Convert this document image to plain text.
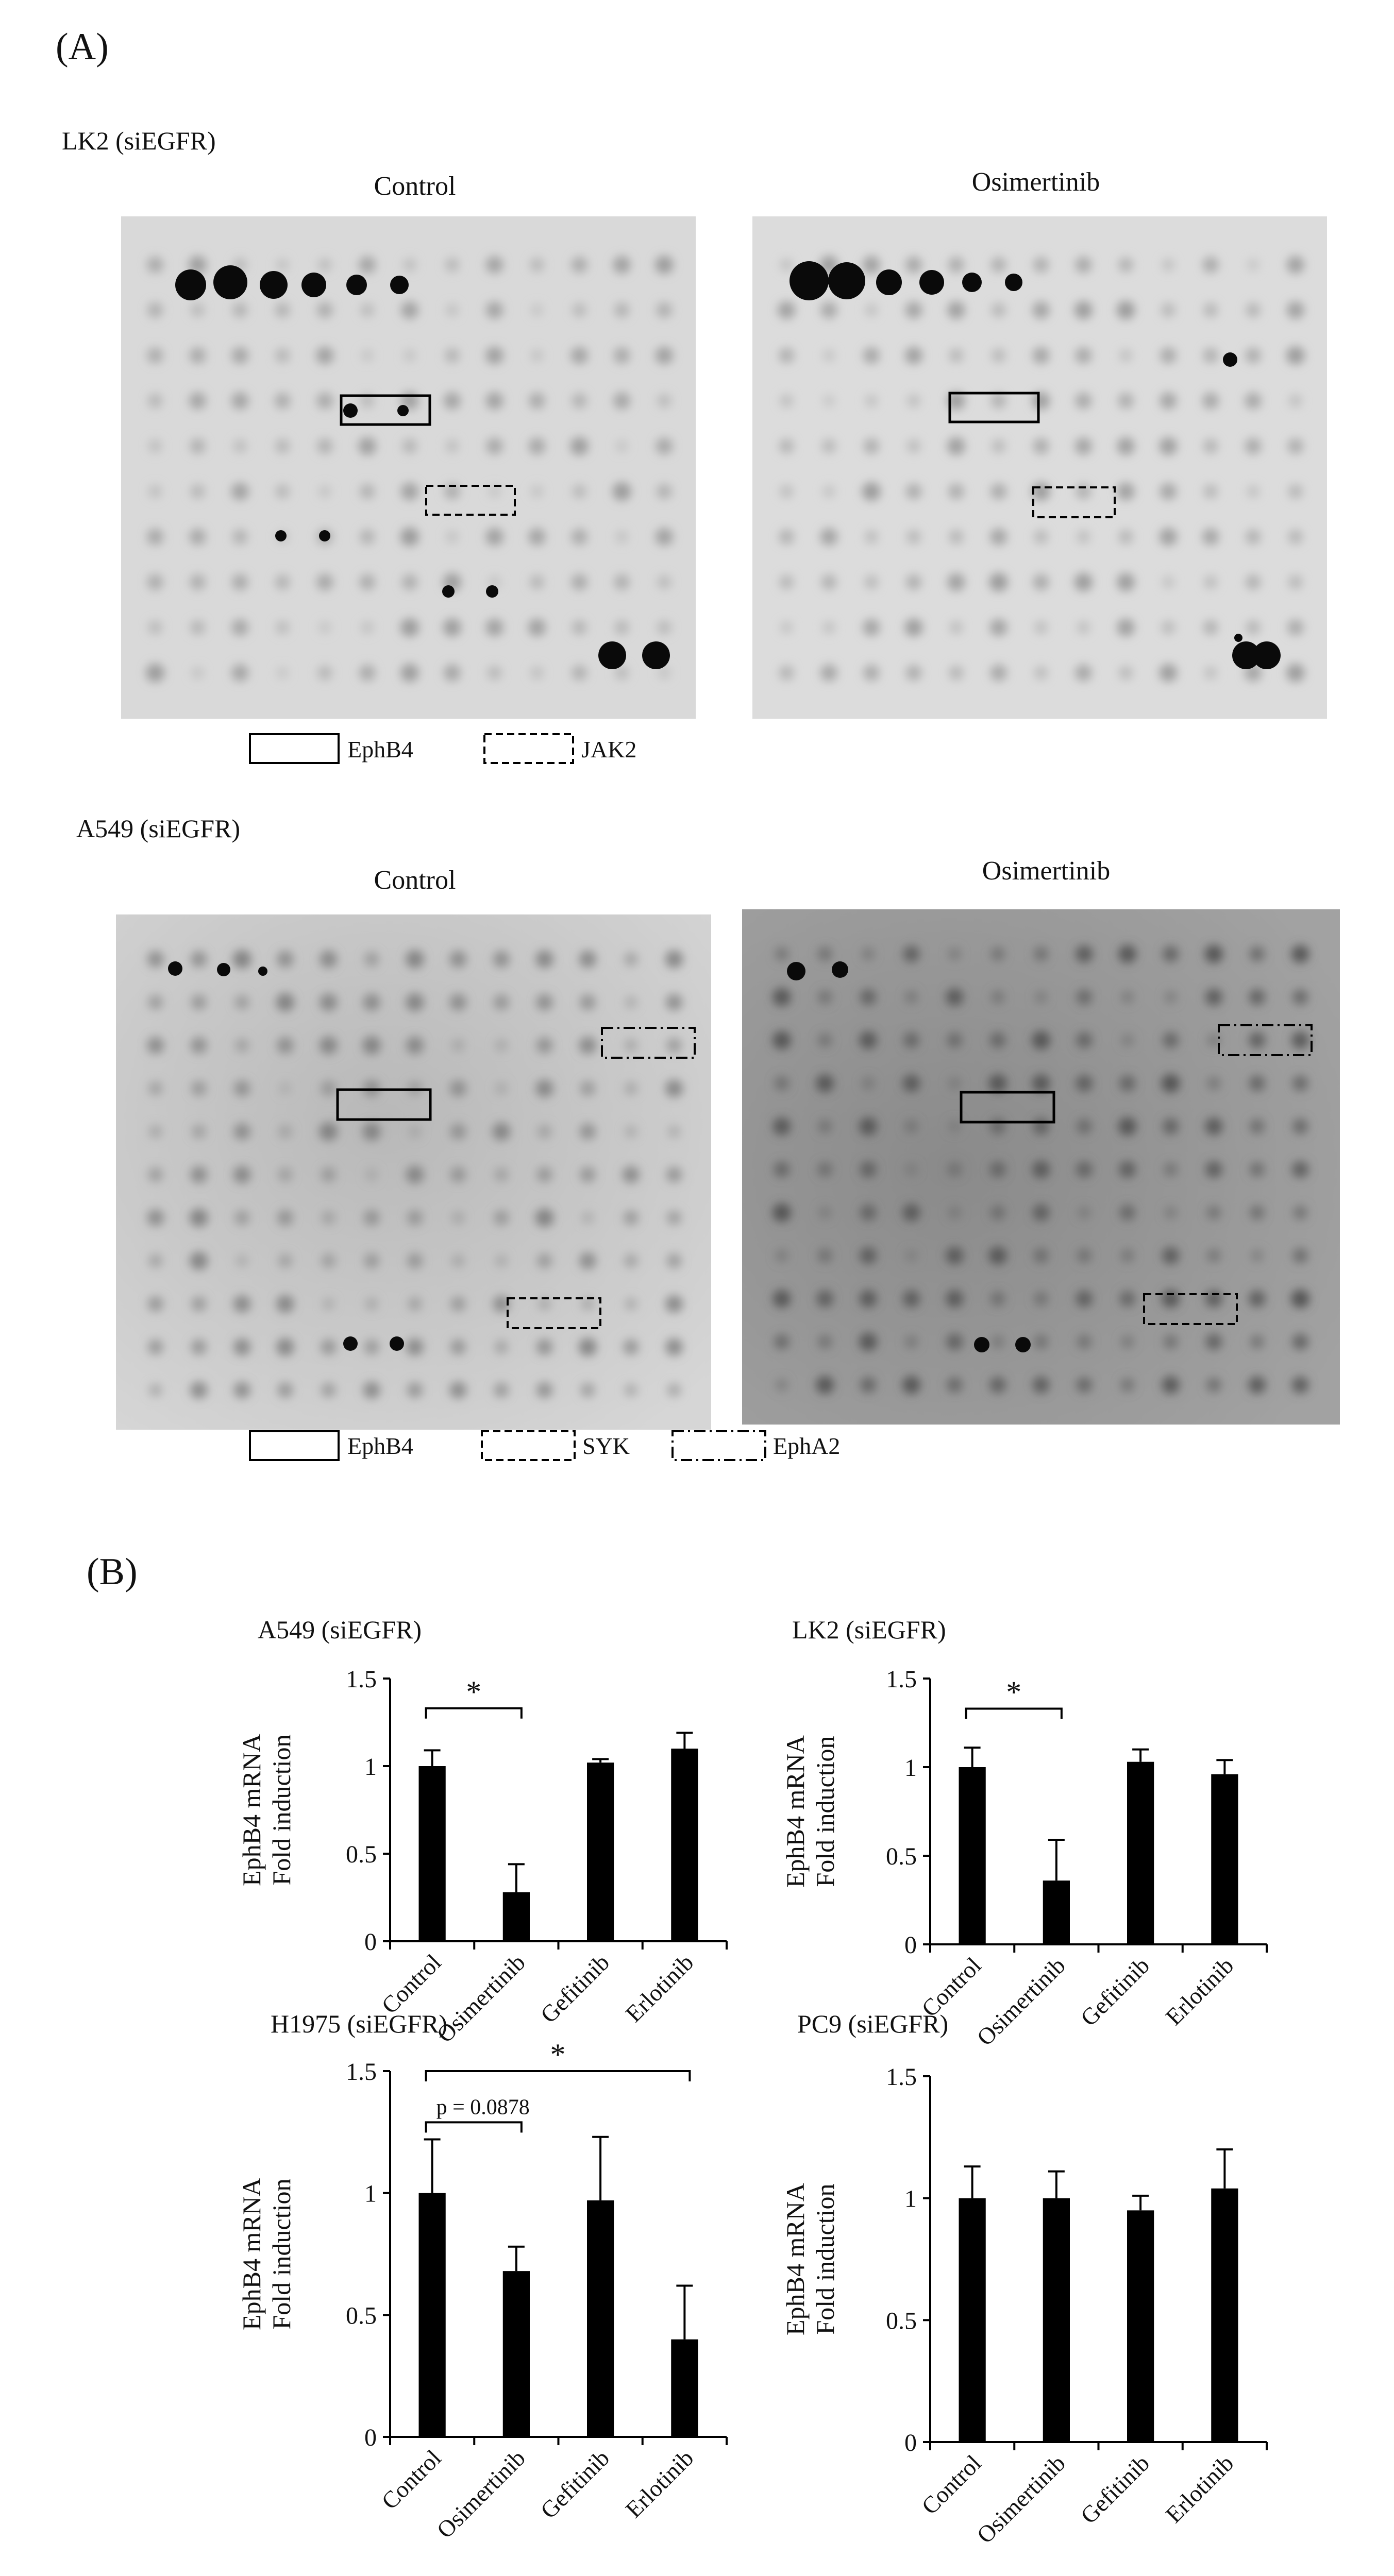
(A)
LK2 (siEGFR)
Control	Osimertinib
EphB4	JAK2
A549 (siEGFR)
Control	Osimertinib
EphB4	SYK	EphA2
(B)
A549 (siEGFR)
0
0.5
1
1.5
EphB4 mRNAFold induction
Control
Osimertinib Gefitinib Erlotinib
*
LK2 (siEGFR)
0
0.5
1
1.5
EphB4 mRNAFold induction
Control
Osimertinib Gefitinib Erlotinib
*
H1975 (siEGFR)
0
0.5
1
1.5
EphB4 mRNAFold induction
Control
Osimertinib Gefitinib Erlotinib
*
p = 0.0878
PC9 (siEGFR)
0
0.5
1
1.5
EphB4 mRNAFold induction
Control
Osimertinib Gefitinib Erlotinib
